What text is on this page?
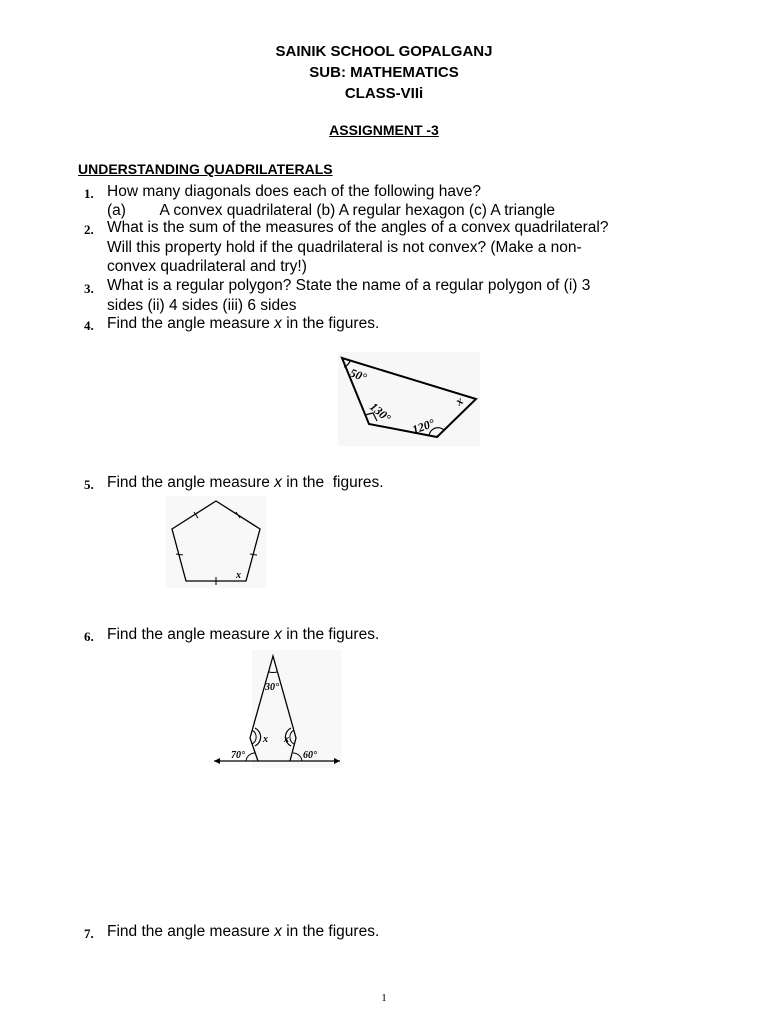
SAINIK SCHOOL GOPALGANJ
SUB: MATHEMATICS
CLASS-VIIi
ASSIGNMENT -3
UNDERSTANDING QUADRILATERALS
1. How many diagonals does each of the following have?
(a)        A convex quadrilateral (b) A regular hexagon (c) A triangle
2. What is the sum of the measures of the angles of a convex quadrilateral?
Will this property hold if the quadrilateral is not convex? (Make a non-
convex quadrilateral and try!)
3. What is a regular polygon? State the name of a regular polygon of (i) 3
sides (ii) 4 sides (iii) 6 sides
4. Find the angle measure x in the figures.
50°
130°
120°
x
5. Find the angle measure x in the  figures.
x
6. Find the angle measure x in the figures.
30°
x x
70°	60°
7. Find the angle measure x in the figures.
1
